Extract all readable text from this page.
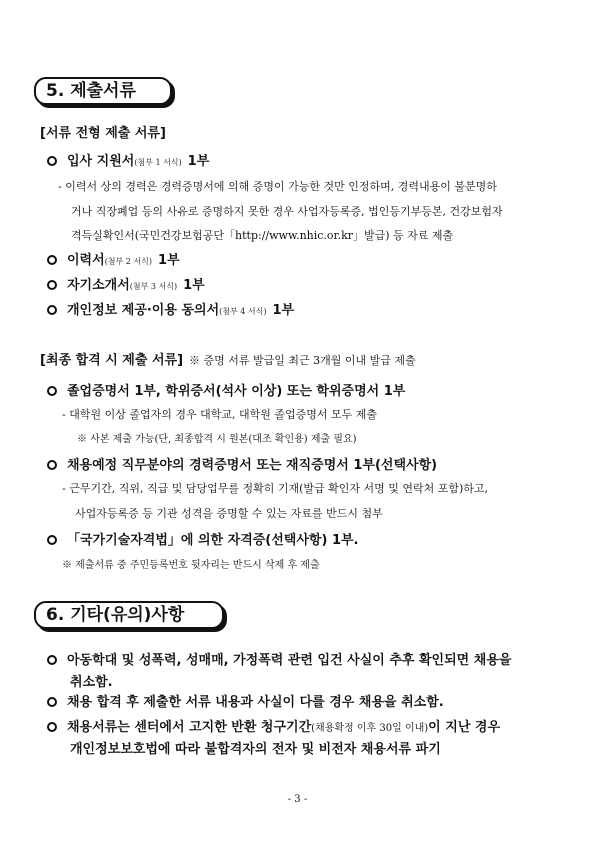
5. 제출서류
[서류 전형 제출 서류]
입사 지원서(첨부 1 서식) 1부
- 이력서 상의 경력은 경력증명서에 의해 증명이 가능한 것만 인정하며, 경력내용이 불분명하
거나 직장폐업 등의 사유로 증명하지 못한 경우 사업자등록증, 법인등기부등본, 건강보험자
격득실확인서(국민건강보험공단「http://www.nhic.or.kr」발급) 등 자료 제출
이력서(첨부 2 서식) 1부
자기소개서(첨부 3 서식) 1부
개인정보 제공·이용 동의서(첨부 4 서식) 1부
[최종 합격 시 제출 서류] ※ 증명 서류 발급일 최근 3개월 이내 발급 제출
졸업증명서 1부, 학위증서(석사 이상) 또는 학위증명서 1부
- 대학원 이상 졸업자의 경우 대학교, 대학원 졸업증명서 모두 제출
※ 사본 제출 가능(단, 최종합격 시 원본(대조 확인용) 제출 필요)
채용예정 직무분야의 경력증명서 또는 재직증명서 1부(선택사항)
- 근무기간, 직위, 직급 및 담당업무를 정확히 기재(발급 확인자 서명 및 연락처 포함)하고,
사업자등록증 등 기관 성격을 증명할 수 있는 자료를 반드시 첨부
「국가기술자격법」에 의한 자격증(선택사항) 1부.
※ 제출서류 중 주민등록번호 뒷자리는 반드시 삭제 후 제출
6. 기타(유의)사항
아동학대 및 성폭력, 성매매, 가정폭력 관련 입건 사실이 추후 확인되면 채용을
취소함.
채용 합격 후 제출한 서류 내용과 사실이 다를 경우 채용을 취소함.
채용서류는 센터에서 고지한 반환 청구기간(채용확정 이후 30일 이내)이 지난 경우
개인정보보호법에 따라 불합격자의 전자 및 비전자 채용서류 파기
- 3 -
